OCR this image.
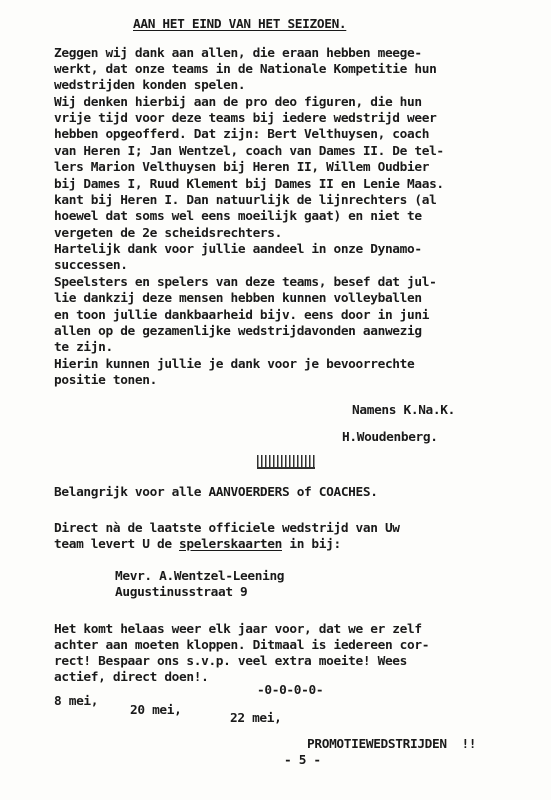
AAN HET EIND VAN HET SEIZOEN.
Zeggen wij dank aan allen, die eraan hebben meege-
werkt, dat onze teams in de Nationale Kompetitie hun
wedstrijden konden spelen.
Wij denken hierbij aan de pro deo figuren, die hun
vrije tijd voor deze teams bij iedere wedstrijd weer
hebben opgeofferd. Dat zijn: Bert Velthuysen, coach
van Heren I; Jan Wentzel, coach van Dames II. De tel-
lers Marion Velthuysen bij Heren II, Willem Oudbier
bij Dames I, Ruud Klement bij Dames II en Lenie Maas.
kant bij Heren I. Dan natuurlijk de lijnrechters (al
hoewel dat soms wel eens moeilijk gaat) en niet te
vergeten de 2e scheidsrechters.
Hartelijk dank voor jullie aandeel in onze Dynamo-
successen.
Speelsters en spelers van deze teams, besef dat jul-
lie dankzij deze mensen hebben kunnen volleyballen
en toon jullie dankbaarheid bijv. eens door in juni
allen op de gezamenlijke wedstrijdavonden aanwezig
te zijn.
Hierin kunnen jullie je dank voor je bevoorrechte
positie tonen.
Namens K.Na.K.
H.Woudenberg.
Belangrijk voor alle AANVOERDERS of COACHES.
Direct nà de laatste officiele wedstrijd van Uw
team levert U de spelerskaarten in bij:
Mevr. A.Wentzel-Leening
Augustinusstraat 9
Het komt helaas weer elk jaar voor, dat we er zelf
achter aan moeten kloppen. Ditmaal is iedereen cor-
rect! Bespaar ons s.v.p. veel extra moeite! Wees
actief, direct doen!.
-0-0-0-0-
8 mei,
20 mei,
22 mei,
PROMOTIEWEDSTRIJDEN  !!
- 5 -
